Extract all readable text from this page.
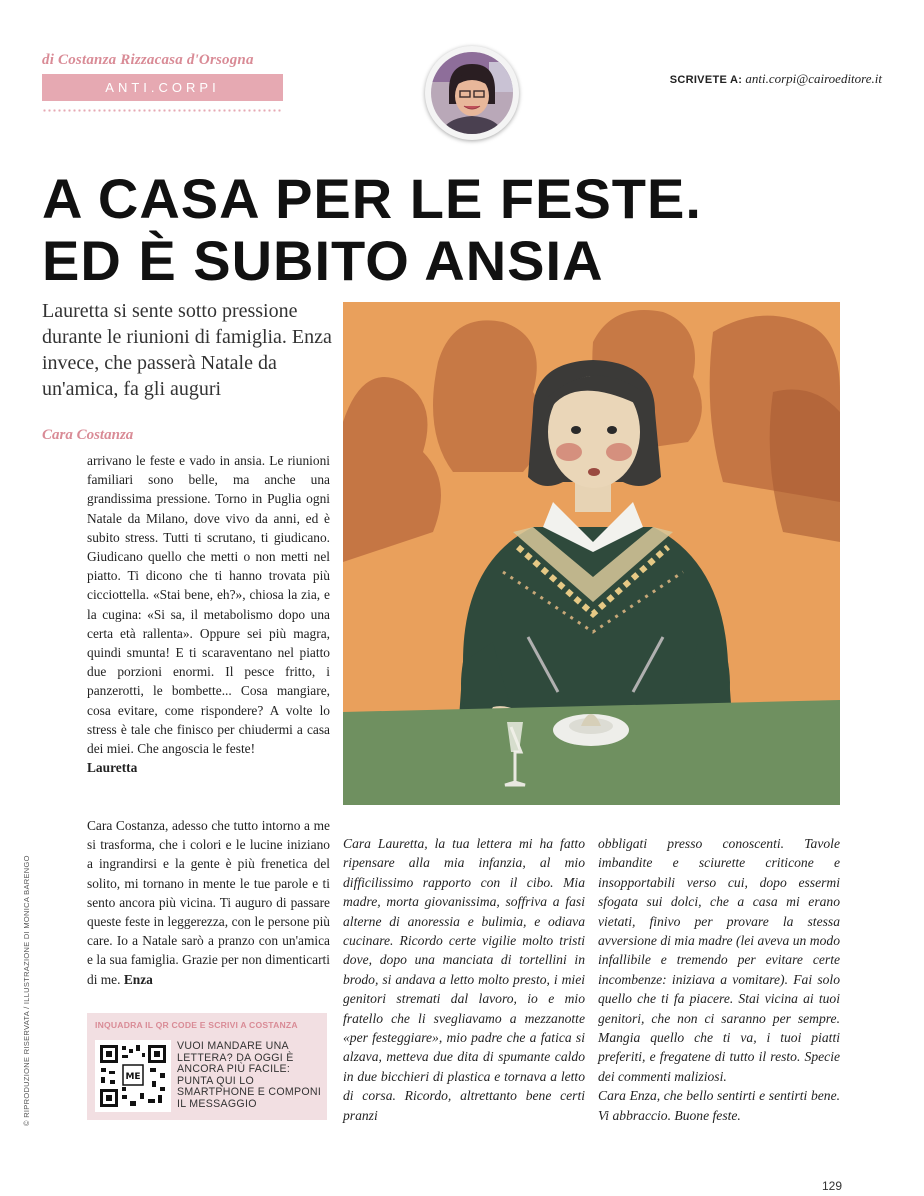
di Costanza Rizzacasa d'Orsogna
ANTI.CORPI	SCRIVETE A: anti.corpi@cairoeditore.it
A CASA PER LE FESTE.
ED È SUBITO ANSIA
Lauretta si sente sotto pressione durante le riunioni di famiglia. Enza invece, che passerà Natale da un'amica, fa gli auguri
Cara Costanza
arrivano le feste e vado in ansia. Le riunioni familiari sono belle, ma anche una grandissima pressione. Torno in Puglia ogni Natale da Milano, dove vivo da anni, ed è subito stress. Tutti ti scrutano, ti giudicano. Giudicano quello che metti o non metti nel piatto. Ti dicono che ti hanno trovata più cicciottella. «Stai bene, eh?», chiosa la zia, e la cugina: «Si sa, il metabolismo dopo una certa età rallenta». Oppure sei più magra, quindi smunta! E ti scaraventano nel piatto due porzioni enormi. Il pesce fritto, i panzerotti, le bombette... Cosa mangiare, cosa evitare, come rispondere? A volte lo stress è tale che finisco per chiudermi a casa dei miei. Che angoscia le feste!
Lauretta
Cara Costanza, adesso che tutto intorno a me si trasforma, che i colori e le lucine iniziano a ingrandirsi e la gente è più frenetica del solito, mi tornano in mente le tue parole e ti sento ancora più vicina. Ti auguro di passare queste feste in leggerezza, con le persone più care. Io a Natale sarò a pranzo con un'amica e la sua famiglia. Grazie per non dimenticarti di me. Enza
Cara Lauretta, la tua lettera mi ha fatto ripensare alla mia infanzia, al mio difficilissimo rapporto con il cibo. Mia madre, morta giovanissima, soffriva a fasi alterne di anoressia e bulimia, e odiava cucinare. Ricordo certe vigilie molto tristi dove, dopo una manciata di tortellini in brodo, si andava a letto molto presto, i miei genitori stremati dal lavoro, io e mio fratello che li svegliavamo a mezzanotte «per festeggiare», mio padre che a fatica si alzava, metteva due dita di spumante caldo in due bicchieri di plastica e tornava a letto di corsa. Ricordo, altrettanto bene certi pranzi
obbligati presso conoscenti. Tavole imbandite e sciurette criticone e insopportabili verso cui, dopo essermi sfogata sui dolci, che a casa mi erano vietati, finivo per provare la stessa avversione di mia madre (lei aveva un modo infallibile e tremendo per evitare certe incombenze: iniziava a vomitare). Fai solo quello che ti fa piacere. Stai vicina ai tuoi genitori, che non ci saranno per sempre. Mangia quello che ti va, i tuoi piatti preferiti, e fregatene di tutto il resto. Specie dei commenti maliziosi.
Cara Enza, che bello sentirti e sentirti bene. Vi abbraccio. Buone feste.
© RIPRODUZIONE RISERVATA / ILLUSTRAZIONE DI MONICA BARENGO	INQUADRA IL QR CODE E SCRIVI A COSTANZA
ME
VUOI MANDARE UNA LETTERA? DA OGGI È ANCORA PIÙ FACILE: PUNTA QUI LO SMARTPHONE E COMPONI IL MESSAGGIO
129
